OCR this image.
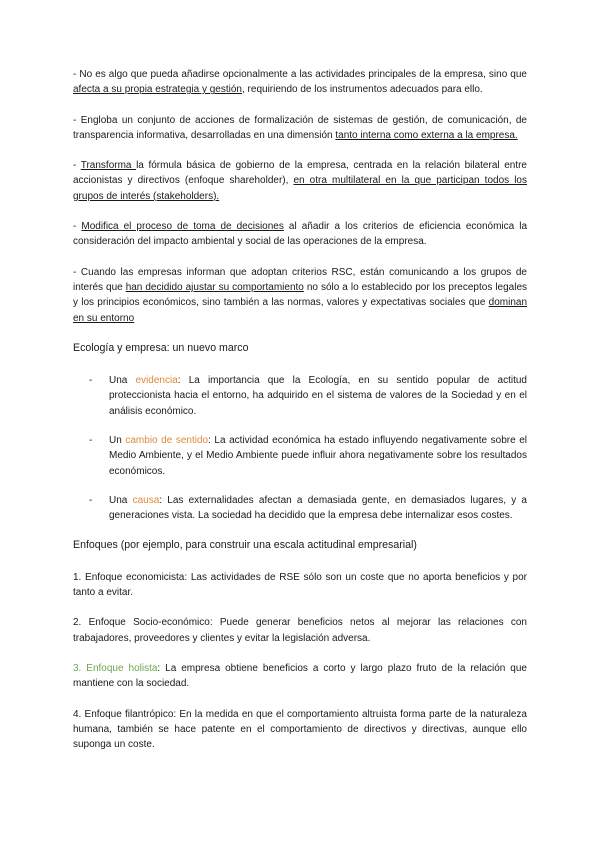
- No es algo que pueda añadirse opcionalmente a las actividades principales de la empresa, sino que afecta a su propia estrategia y gestión, requiriendo de los instrumentos adecuados para ello.

- Engloba un conjunto de acciones de formalización de sistemas de gestión, de comunicación, de transparencia informativa, desarrolladas en una dimensión tanto interna como externa a la empresa.

- Transforma la fórmula básica de gobierno de la empresa, centrada en la relación bilateral entre accionistas y directivos (enfoque shareholder), en otra multilateral en la que participan todos los grupos de interés (stakeholders).

- Modifica el proceso de toma de decisiones al añadir a los criterios de eficiencia económica la consideración del impacto ambiental y social de las operaciones de la empresa.

- Cuando las empresas informan que adoptan criterios RSC, están comunicando a los grupos de interés que han decidido ajustar su comportamiento no sólo a lo establecido por los preceptos legales y los principios económicos, sino también a las normas, valores y expectativas sociales que dominan en su entorno

Ecología y empresa: un nuevo marco

- Una evidencia: La importancia que la Ecología, en su sentido popular de actitud proteccionista hacia el entorno, ha adquirido en el sistema de valores de la Sociedad y en el análisis económico.
- Un cambio de sentido: La actividad económica ha estado influyendo negativamente sobre el Medio Ambiente, y el Medio Ambiente puede influir ahora negativamente sobre los resultados económicos.
- Una causa: Las externalidades afectan a demasiada gente, en demasiados lugares, y a generaciones vista. La sociedad ha decidido que la empresa debe internalizar esos costes.

Enfoques (por ejemplo, para construir una escala actitudinal empresarial)

1. Enfoque economicista: Las actividades de RSE sólo son un coste que no aporta beneficios y por tanto a evitar.

2. Enfoque Socio-económico: Puede generar beneficios netos al mejorar las relaciones con trabajadores, proveedores y clientes y evitar la legislación adversa.

3. Enfoque holista: La empresa obtiene beneficios a corto y largo plazo fruto de la relación que mantiene con la sociedad.

4. Enfoque filantrópico: En la medida en que el comportamiento altruista forma parte de la naturaleza humana, también se hace patente en el comportamiento de directivos y directivas, aunque ello suponga un coste.
